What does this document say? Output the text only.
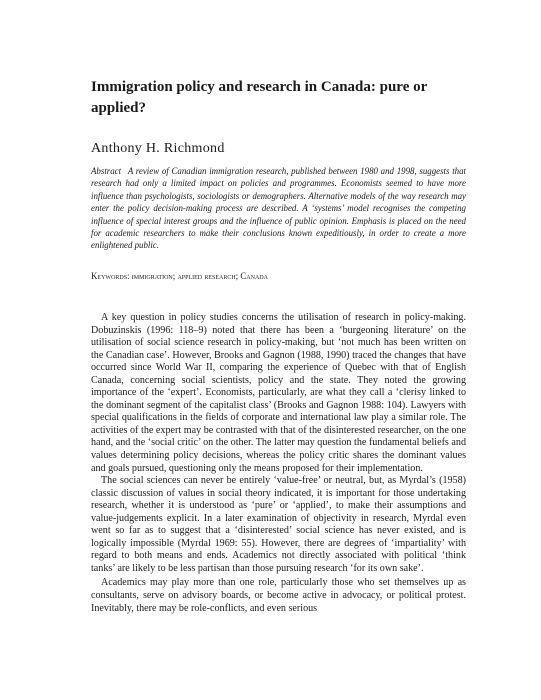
Immigration policy and research in Canada: pure or applied?
Anthony H. Richmond

Abstract A review of Canadian immigration research, published between 1980 and 1998, suggests that research had only a limited impact on policies and programmes. Economists seemed to have more influence than psychologists, sociologists or demographers. Alternative models of the way research may enter the policy decision-making process are described. A ‘systems’ model recognises the competing influence of special interest groups and the influence of public opinion. Emphasis is placed on the need for academic researchers to make their conclusions known expeditiously, in order to create a more enlightened public.

Keywords: immigration; applied research; Canada

A key question in policy studies concerns the utilisation of research in policy-making. Dobuzinskis (1996: 118–9) noted that there has been a ‘burgeoning literature’ on the utilisation of social science research in policy-making, but ‘not much has been written on the Canadian case’. However, Brooks and Gagnon (1988, 1990) traced the changes that have occurred since World War II, comparing the experience of Quebec with that of English Canada, concerning social scientists, policy and the state. They noted the growing importance of the ‘expert’. Economists, particularly, are what they call a ‘clerisy linked to the dominant segment of the capitalist class’ (Brooks and Gagnon 1988: 104). Lawyers with special qualifications in the fields of corporate and international law play a similar role. The activities of the expert may be contrasted with that of the disinterested researcher, on the one hand, and the ‘social critic’ on the other. The latter may question the fundamental beliefs and values determining policy decisions, whereas the policy critic shares the dominant values and goals pursued, questioning only the means proposed for their implementation.

The social sciences can never be entirely ‘value-free’ or neutral, but, as Myrdal’s (1958) classic discussion of values in social theory indicated, it is important for those undertaking research, whether it is understood as ‘pure’ or ‘applied’, to make their assumptions and value-judgements explicit. In a later examination of objectivity in research, Myrdal even went so far as to suggest that a ‘disinterested’ social science has never existed, and is logically impossible (Myrdal 1969: 55). However, there are degrees of ‘impartiality’ with regard to both means and ends. Academics not directly associated with political ‘think tanks’ are likely to be less partisan than those pursuing research ‘for its own sake’.

Academics may play more than one role, particularly those who set themselves up as consultants, serve on advisory boards, or become active in advocacy, or political protest. Inevitably, there may be role-conflicts, and even serious
